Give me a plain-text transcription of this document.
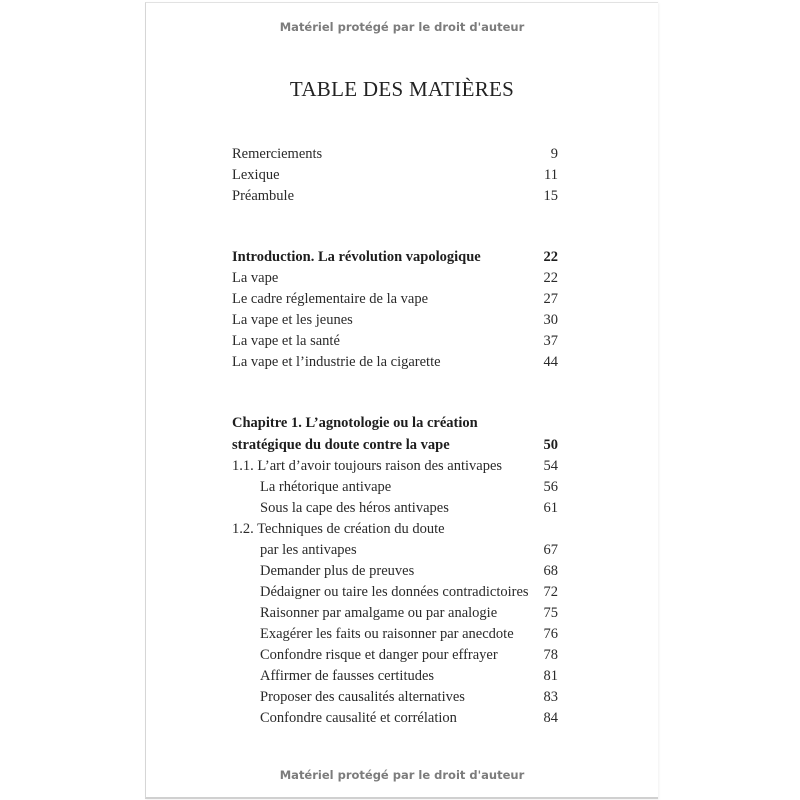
Matériel protégé par le droit d'auteur
TABLE DES MATIÈRES
Remerciements	9
Lexique	11
Préambule	15
Introduction. La révolution vapologique	22
La vape	22
Le cadre réglementaire de la vape	27
La vape et les jeunes	30
La vape et la santé	37
La vape et l’industrie de la cigarette	44
Chapitre 1. L’agnotologie ou la création
stratégique du doute contre la vape	50
1.1. L’art d’avoir toujours raison des antivapes	54
La rhétorique antivape	56
Sous la cape des héros antivapes	61
1.2. Techniques de création du doute
par les antivapes	67
Demander plus de preuves	68
Dédaigner ou taire les données contradictoires 72
Raisonner par amalgame ou par analogie	75
Exagérer les faits ou raisonner par anecdote 76
Confondre risque et danger pour effrayer	78
Affirmer de fausses certitudes	81
Proposer des causalités alternatives	83
Confondre causalité et corrélation	84
Matériel protégé par le droit d'auteur
